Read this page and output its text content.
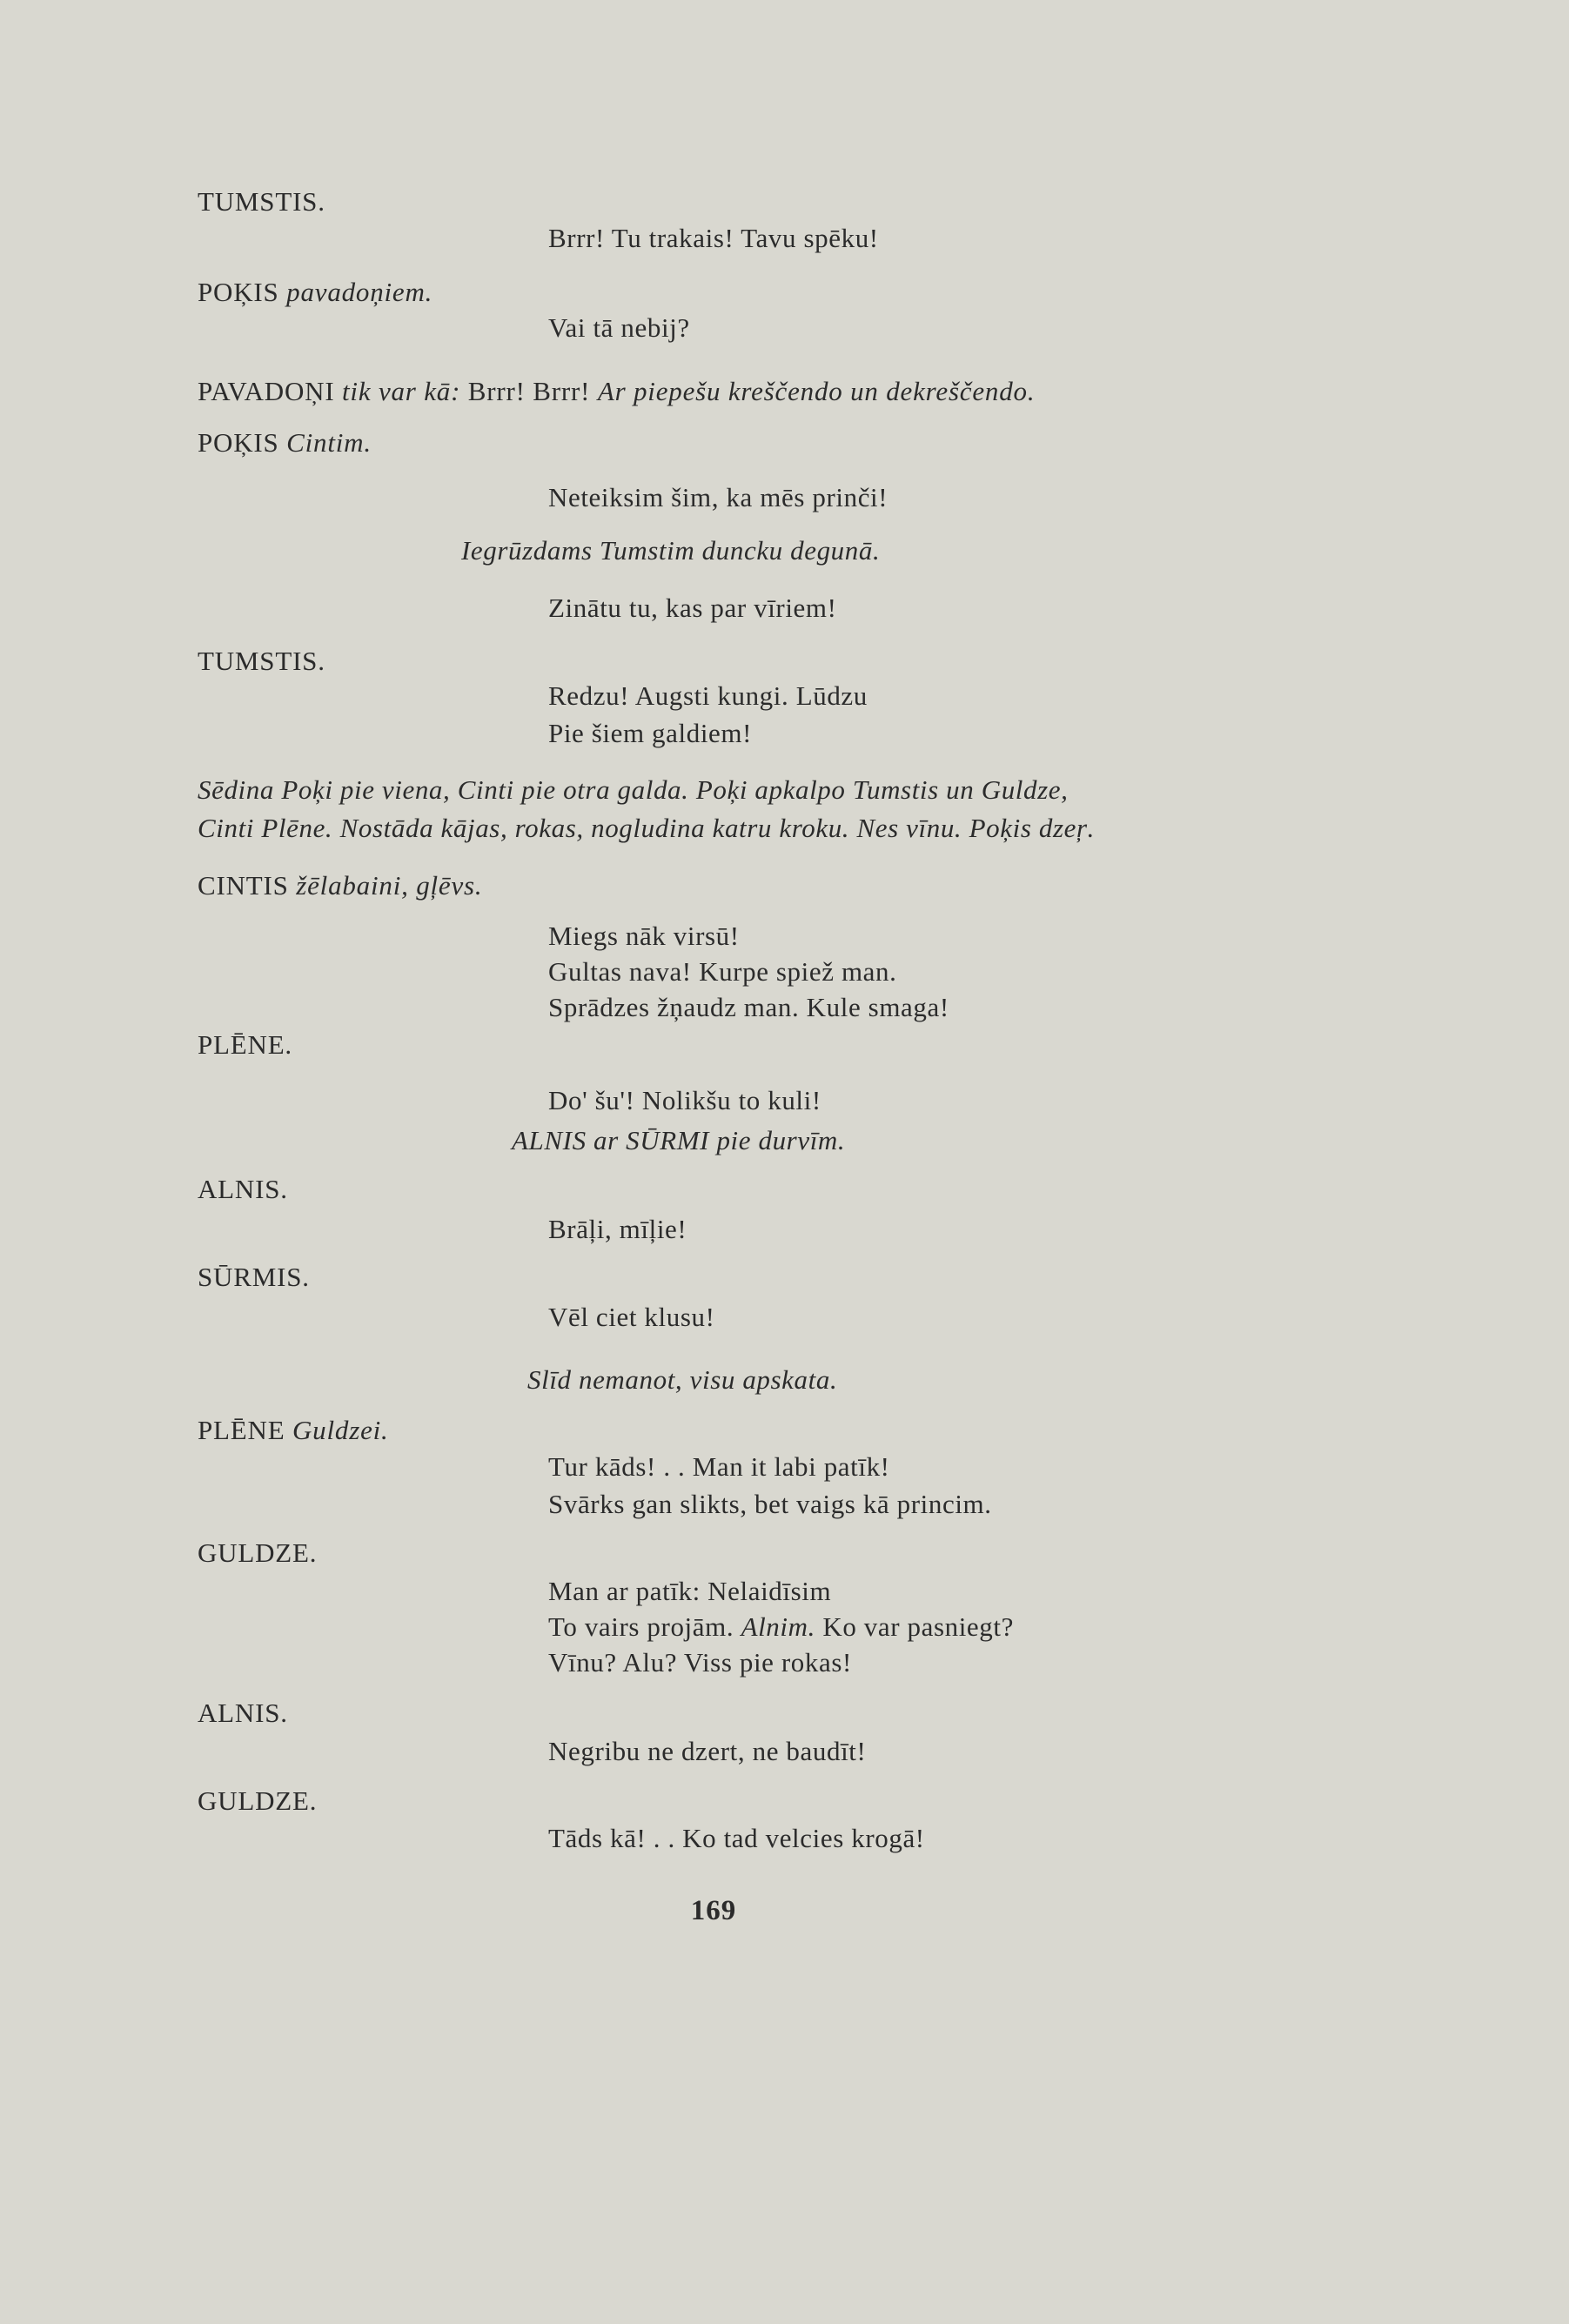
TUMSTIS.
Brrr! Tu trakais! Tavu spēku!
POĶIS pavadoņiem.
Vai tā nebij?
PAVADOŅI tik var kā: Brrr! Brrr! Ar piepešu kreščendo un dekreščendo.
POĶIS Cintim.
Neteiksim šim, ka mēs prinči!
Iegrūzdams Tumstim duncku degunā.
Zinātu tu, kas par vīriem!
TUMSTIS.
Redzu! Augsti kungi. Lūdzu
Pie šiem galdiem!
Sēdina Poķi pie viena, Cinti pie otra galda. Poķi apkalpo Tumstis un Guldze,
Cinti Plēne. Nostāda kājas, rokas, nogludina katru kroku. Nes vīnu. Poķis dzeŗ.
CINTIS žēlabaini, gļēvs.
Miegs nāk virsū!
Gultas nava! Kurpe spiež man.
Sprādzes žņaudz man. Kule smaga!
PLĒNE.
Do' šu'! Nolikšu to kuli!
ALNIS ar SŪRMI pie durvīm.
ALNIS.
Brāļi, mīļie!
SŪRMIS.
Vēl ciet klusu!
Slīd nemanot, visu apskata.
PLĒNE Guldzei.
Tur kāds! . . Man it labi patīk!
Svārks gan slikts, bet vaigs kā princim.
GULDZE.
Man ar patīk: Nelaidīsim
To vairs projām. Alnim. Ko var pasniegt?
Vīnu? Alu? Viss pie rokas!
ALNIS.
Negribu ne dzert, ne baudīt!
GULDZE.
Tāds kā! . . Ko tad velcies krogā!
169
